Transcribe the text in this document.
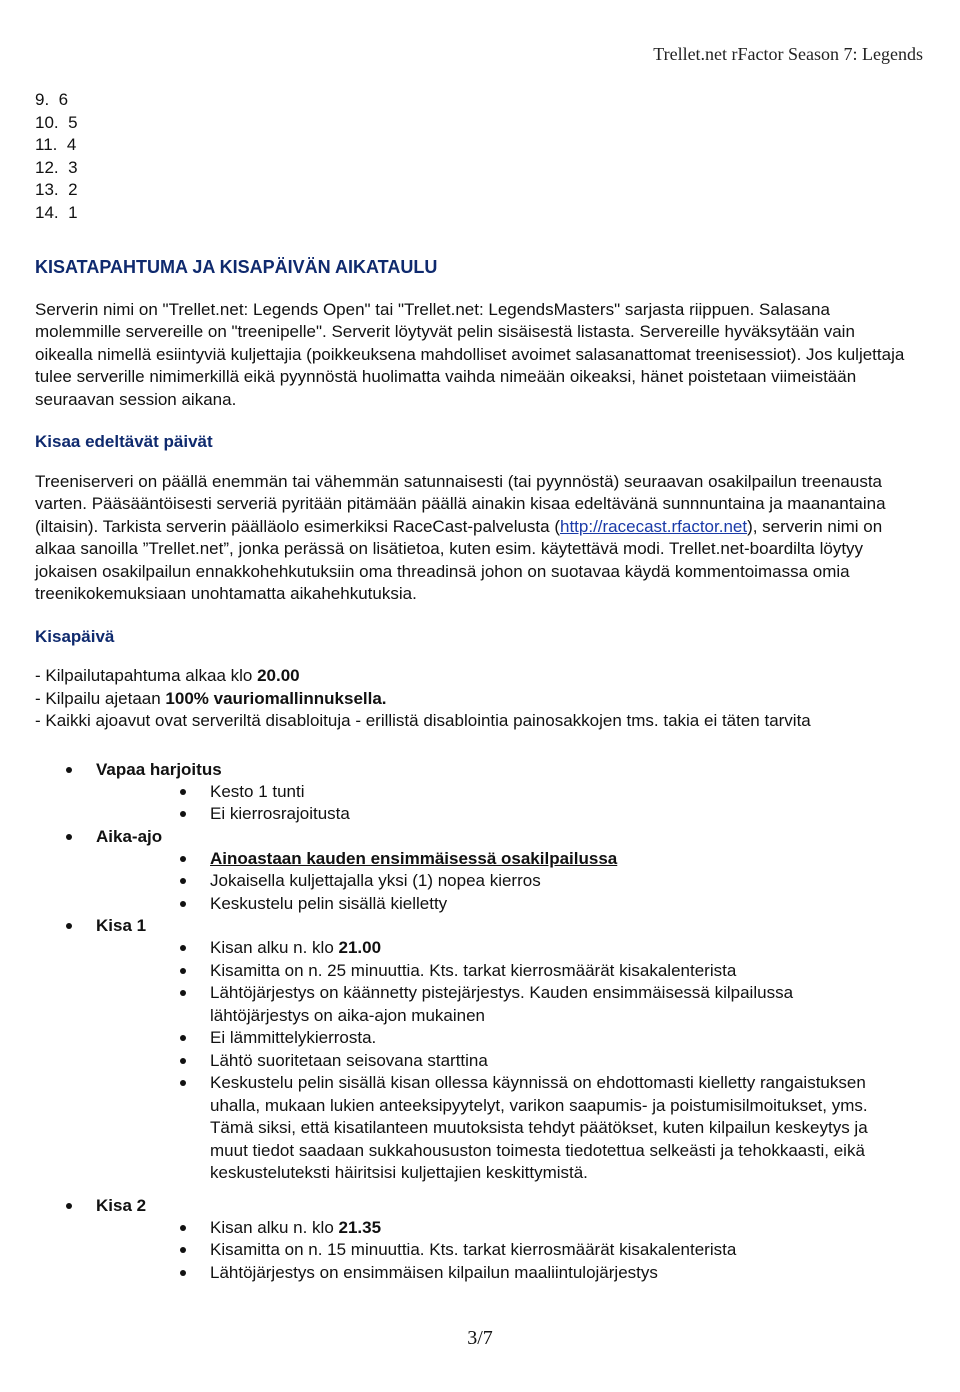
Trellet.net rFactor Season 7: Legends
9.  6
10.  5
11.  4
12.  3
13.  2
14.  1
KISATAPAHTUMA JA KISAPÄIVÄN AIKATAULU

Serverin nimi on "Trellet.net: Legends Open" tai "Trellet.net: LegendsMasters" sarjasta riippuen. Salasana molemmille servereille on "treenipelle". Serverit löytyvät pelin sisäisestä listasta. Servereille hyväksytään vain oikealla nimellä esiintyviä kuljettajia (poikkeuksena mahdolliset avoimet salasanattomat treenisessiot). Jos kuljettaja tulee serverille nimimerkillä eikä pyynnöstä huolimatta vaihda nimeään oikeaksi, hänet poistetaan viimeistään seuraavan session aikana.

Kisaa edeltävät päivät

Treeniserveri on päällä enemmän tai vähemmän satunnaisesti (tai pyynnöstä) seuraavan osakilpailun treenausta varten. Pääsääntöisesti serveriä pyritään pitämään päällä ainakin kisaa edeltävänä sunnnuntaina ja maanantaina (iltaisin). Tarkista serverin päälläolo esimerkiksi RaceCast-palvelusta (http://racecast.rfactor.net), serverin nimi on alkaa sanoilla ”Trellet.net”, jonka perässä on lisätietoa, kuten esim. käytettävä modi. Trellet.net-boardilta löytyy jokaisen osakilpailun ennakkohehkutuksiin oma threadinsä johon on suotavaa käydä kommentoimassa omia treenikokemuksiaan unohtamatta aikahehkutuksia.

Kisapäivä
- Kilpailutapahtuma alkaa klo 20.00
- Kilpailu ajetaan 100% vauriomallinnuksella.
- Kaikki ajoavut ovat serveriltä disabloituja - erillistä disablointia painosakkojen tms. takia ei täten tarvita
Vapaa harjoitus
Kesto 1 tunti
Ei kierrosrajoitusta
Aika-ajo
Ainoastaan kauden ensimmäisessä osakilpailussa
Jokaisella kuljettajalla yksi (1) nopea kierros
Keskustelu pelin sisällä kielletty
Kisa 1
Kisan alku n. klo 21.00
Kisamitta on n. 25 minuuttia. Kts. tarkat kierrosmäärät kisakalenterista
Lähtöjärjestys on käännetty pistejärjestys. Kauden ensimmäisessä kilpailussa lähtöjärjestys on aika-ajon mukainen
Ei lämmittelykierrosta.
Lähtö suoritetaan seisovana starttina
Keskustelu pelin sisällä kisan ollessa käynnissä on ehdottomasti kielletty rangaistuksen uhalla, mukaan lukien anteeksipyytelyt, varikon saapumis- ja poistumisilmoitukset, yms. Tämä siksi, että kisatilanteen muutoksista tehdyt päätökset, kuten kilpailun keskeytys ja muut tiedot saadaan sukkahoususton toimesta tiedotettua selkeästi ja tehokkaasti, eikä keskusteluteksti häiritsisi kuljettajien keskittymistä.
Kisa 2
Kisan alku n. klo 21.35
Kisamitta on n. 15 minuuttia. Kts. tarkat kierrosmäärät kisakalenterista
Lähtöjärjestys on ensimmäisen kilpailun maaliintulojärjestys
3/7
